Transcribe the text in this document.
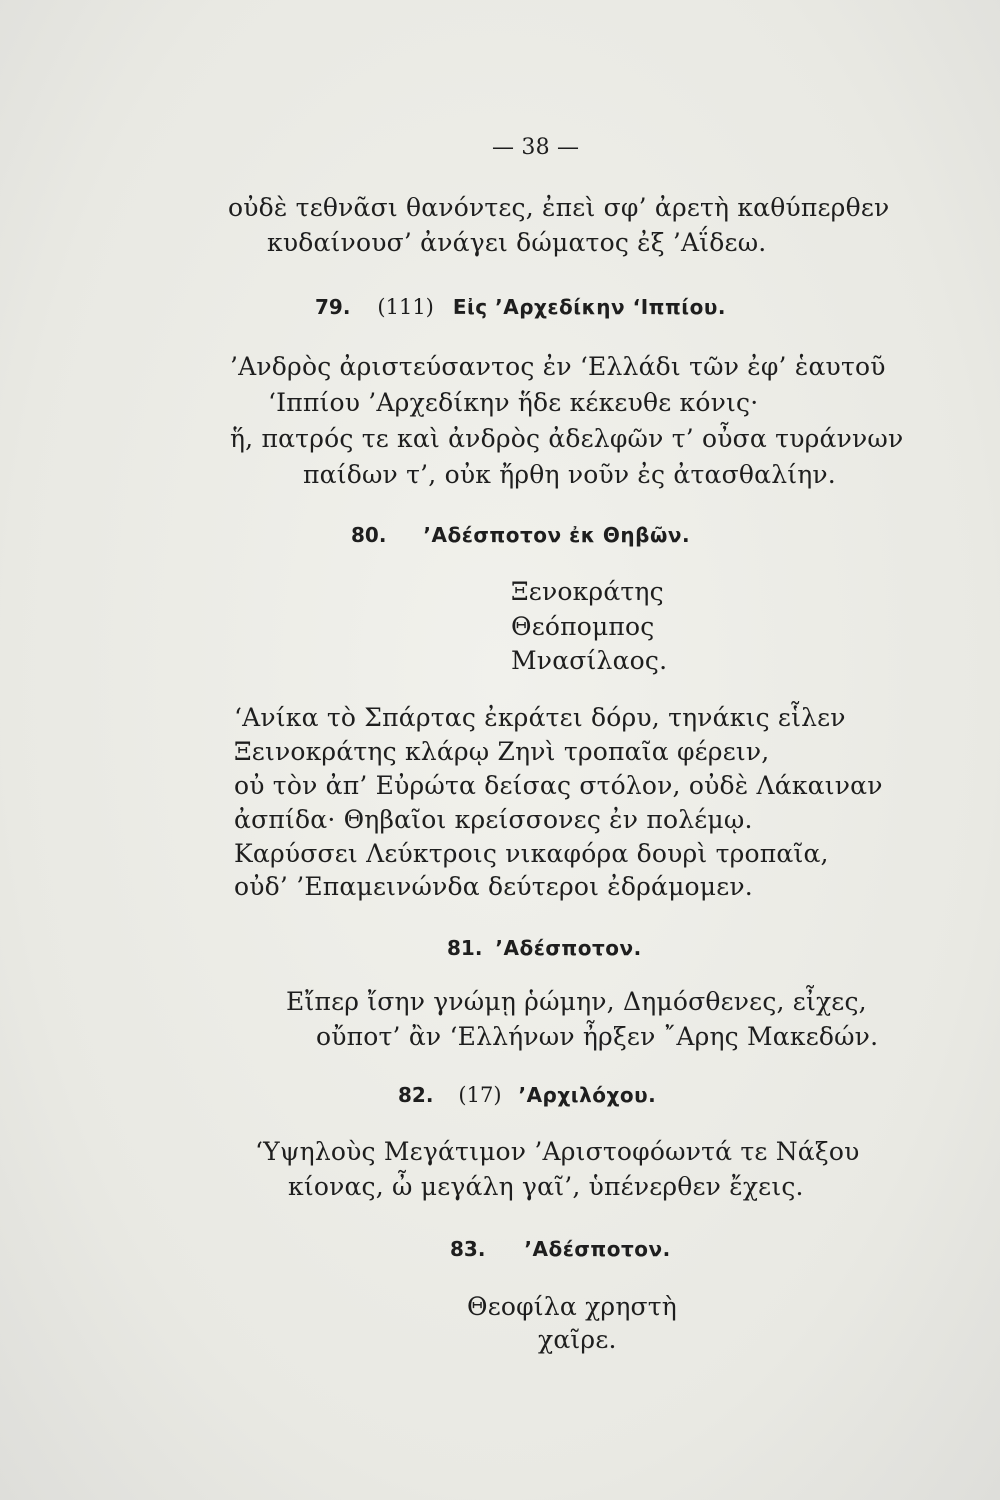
— 38 —
οὐδὲ τεθνᾶσι θανόντες, ἐπεὶ σφ’ ἀρετὴ καθύπερθεν
κυδαίνουσ’ ἀνάγει δώματος ἐξ ’Αΐδεω.
79. (111) Εἰς ’Αρχεδίκην ‘Ιππίου.
’Ανδρὸς ἀριστεύσαντος ἐν ‘Ελλάδι τῶν ἐφ’ ἑαυτοῦ
‘Ιππίου ’Αρχεδίκην ἥδε κέκευθε κόνις·
ἥ, πατρός τε καὶ ἀνδρὸς ἀδελφῶν τ’ οὖσα τυράννων
παίδων τ’, οὐκ ἤρθη νοῦν ἐς ἀτασθαλίην.
80. ’Αδέσποτον ἐκ Θηβῶν.
Ξενοκράτης
Θεόπομπος
Μνασίλαος.
‘Ανίκα τὸ Σπάρτας ἐκράτει δόρυ, τηνάκις εἷλεν
Ξεινοκράτης κλάρῳ Ζηνὶ τροπαῖα φέρειν,
οὐ τὸν ἀπ’ Εὐρώτα δείσας στόλον, οὐδὲ Λάκαιναν
ἀσπίδα· Θηβαῖοι κρείσσονες ἐν πολέμῳ.
Καρύσσει Λεύκτροις νικαφόρα δουρὶ τροπαῖα,
οὐδ’ ’Επαμεινώνδα δεύτεροι ἐδράμομεν.
81. ’Αδέσποτον.
Εἴπερ ἴσην γνώμῃ ῥώμην, Δημόσθενες, εἶχες,
οὔποτ’ ἂν ‘Ελλήνων ἦρξεν ῎Αρης Μακεδών.
82. (17) ’Αρχιλόχου.
‘Υψηλοὺς Μεγάτιμον ’Αριστοφόωντά τε Νάξου
κίονας, ὦ μεγάλη γαῖ’, ὑπένερθεν ἔχεις.
83. ’Αδέσποτον.
Θεοφίλα χρηστὴ
χαῖρε.
